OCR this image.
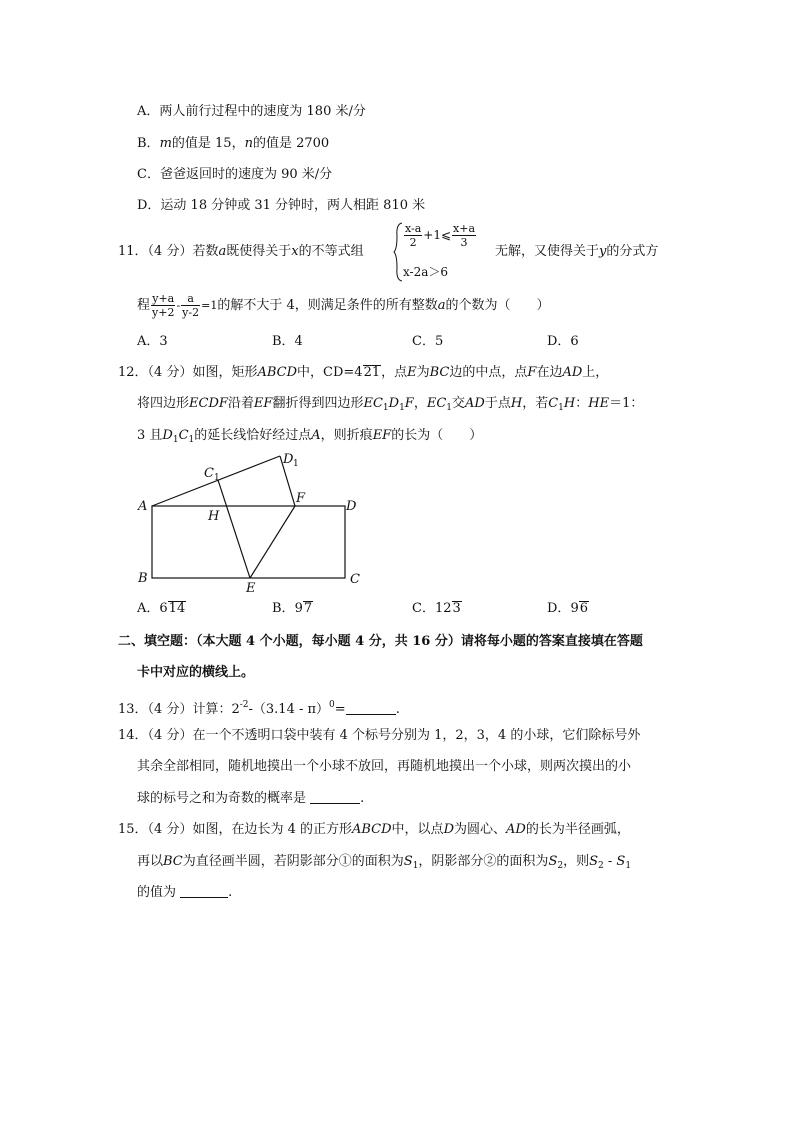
A．两人前行过程中的速度为 180 米/分
B．m的值是 15，n的值是 2700
C．爸爸返回时的速度为 90 米/分
D．运动 18 分钟或 31 分钟时，两人相距 810 米
11．（4 分）若数a既使得关于x的不等式组
$\frac{x-a}{2}$ +1⩽ $\frac{x+a}{3}$
x-2a＞6
无解，又使得关于y的分式方
程 $\frac{y+a}{y+2} - \frac{a}{y-2} =1$的解不大于 4，则满足条件的所有整数a的个数为（　　）
A．3	B．4	C．5	D．6
12．（4 分）如图，矩形ABCD中，CD=421，点E为BC边的中点，点F在边AD上，
将四边形ECDF沿着EF翻折得到四边形$EC_1D_1F$，$EC_1$交AD于点H，若$C_1H$：HE＝1：
3 且$D_1C_1$的延长线恰好经过点A，则折痕EF的长为（　　）
A
B	C
D
E
F
H
C 1
D 1
A．614	B．97	C．123	D．96
二、填空题：（本大题 4 个小题，每小题 4 分，共 16 分）请将每小题的答案直接填在答题
卡中对应的横线上。
13．（4 分）计算：$2^{-2}-(3.14 - \pi)^0=$	.
14．（4 分）在一个不透明口袋中装有 4 个标号分别为 1，2，3，4 的小球，它们除标号外
其余全部相同，随机地摸出一个小球不放回，再随机地摸出一个小球，则两次摸出的小
球的标号之和为奇数的概率是	.
15．（4 分）如图，在边长为 4 的正方形ABCD中，以点D为圆心、AD的长为半径画弧，
再以BC为直径画半圆，若阴影部分①的面积为$S_1$，阴影部分②的面积为$S_2$，则$S_2 - S_1$
的值为	.
